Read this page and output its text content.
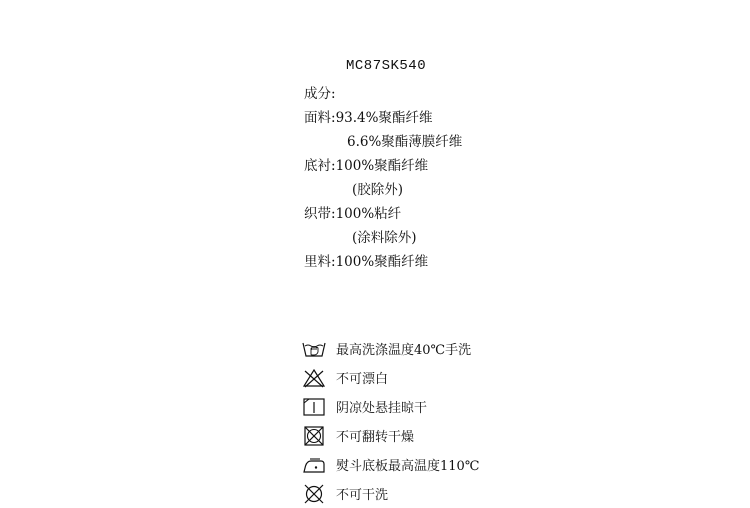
MC87SK540
成分:
面料:93.4%聚酯纤维
6.6%聚酯薄膜纤维
底衬:100%聚酯纤维
(胶除外)
织带:100%粘纤
(涂料除外)
里料:100%聚酯纤维
最高洗涤温度40℃手洗
不可漂白
阴凉处悬挂晾干
不可翻转干燥
熨斗底板最高温度110℃
不可干洗
